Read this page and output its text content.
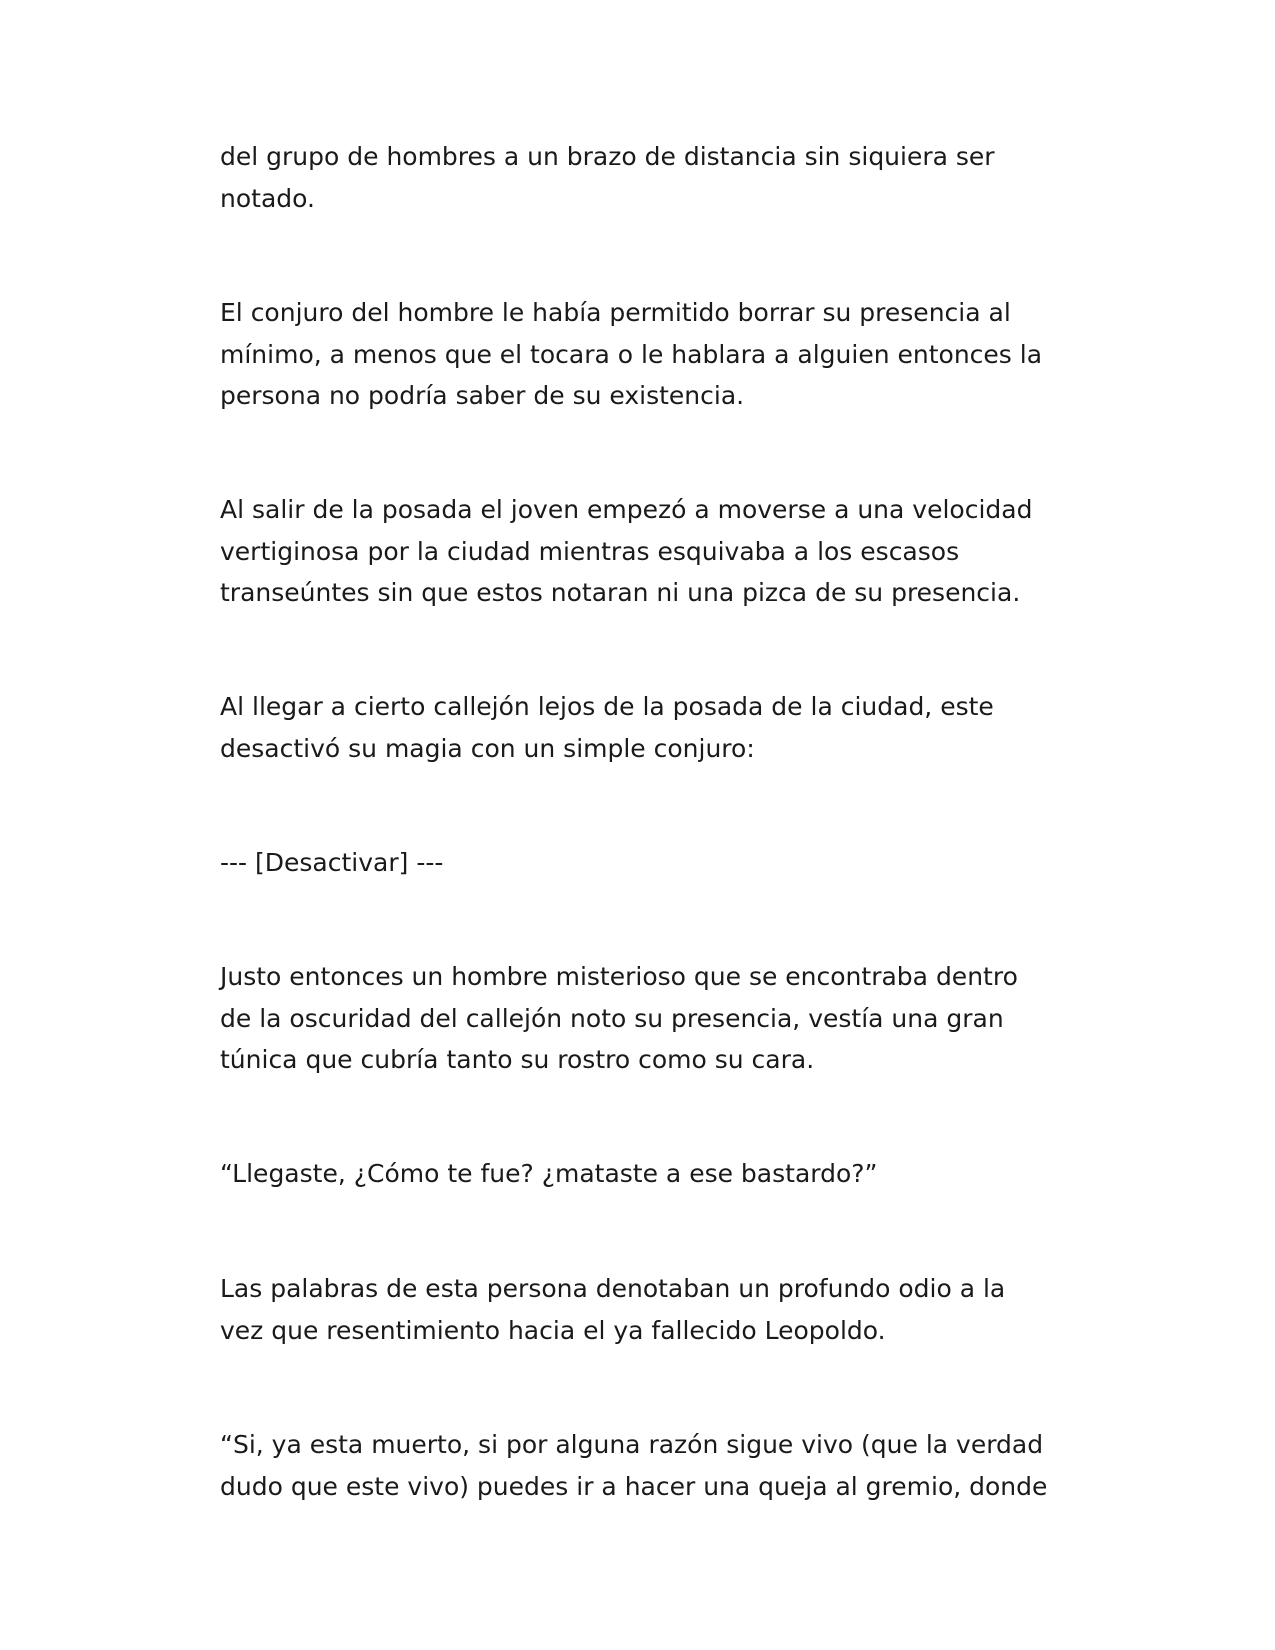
del grupo de hombres a un brazo de distancia sin siquiera ser
notado.

El conjuro del hombre le había permitido borrar su presencia al
mínimo, a menos que el tocara o le hablara a alguien entonces la
persona no podría saber de su existencia.

Al salir de la posada el joven empezó a moverse a una velocidad
vertiginosa por la ciudad mientras esquivaba a los escasos
transeúntes sin que estos notaran ni una pizca de su presencia.

Al llegar a cierto callejón lejos de la posada de la ciudad, este
desactivó su magia con un simple conjuro:

--- [Desactivar] ---

Justo entonces un hombre misterioso que se encontraba dentro
de la oscuridad del callejón noto su presencia, vestía una gran
túnica que cubría tanto su rostro como su cara.

“Llegaste, ¿Cómo te fue? ¿mataste a ese bastardo?”

Las palabras de esta persona denotaban un profundo odio a la
vez que resentimiento hacia el ya fallecido Leopoldo.

“Si, ya esta muerto, si por alguna razón sigue vivo (que la verdad
dudo que este vivo) puedes ir a hacer una queja al gremio, donde
